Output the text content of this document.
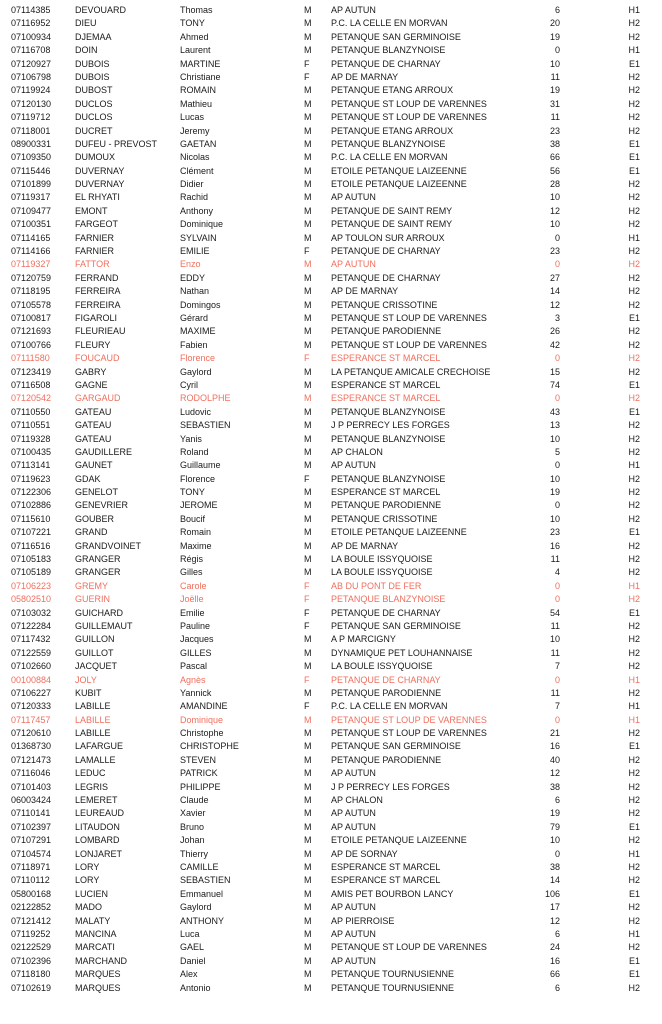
07114385	DEVOUARD	Thomas	M	AP AUTUN	6	H1
07116952	DIEU	TONY	M	P.C. LA CELLE EN MORVAN	20	H2
07100934	DJEMAA	Ahmed	M	PETANQUE SAN GERMINOISE	19	H2
07116708	DOIN	Laurent	M	PETANQUE BLANZYNOISE	0	H1
07120927	DUBOIS	MARTINE	F	PETANQUE DE CHARNAY	10	E1
07106798	DUBOIS	Christiane	F	AP DE MARNAY	11	H2
07119924	DUBOST	ROMAIN	M	PETANQUE ETANG ARROUX	19	H2
07120130	DUCLOS	Mathieu	M	PETANQUE ST LOUP DE VARENNES	31	H2
07119712	DUCLOS	Lucas	M	PETANQUE ST LOUP DE VARENNES	11	H2
07118001	DUCRET	Jeremy	M	PETANQUE ETANG ARROUX	23	H2
08900331	DUFEU - PREVOST	GAETAN	M	PETANQUE BLANZYNOISE	38	E1
07109350	DUMOUX	Nicolas	M	P.C. LA CELLE EN MORVAN	66	E1
07115446	DUVERNAY	Clément	M	ETOILE PETANQUE LAIZEENNE	56	E1
07101899	DUVERNAY	Didier	M	ETOILE PETANQUE LAIZEENNE	28	H2
07119317	EL RHYATI	Rachid	M	AP AUTUN	10	H2
07109477	EMONT	Anthony	M	PETANQUE DE SAINT REMY	12	H2
07100351	FARGEOT	Dominique	M	PETANQUE DE SAINT REMY	10	H2
07114165	FARNIER	SYLVAIN	M	AP TOULON SUR ARROUX	0	H1
07114166	FARNIER	EMILIE	F	PETANQUE DE CHARNAY	23	H2
07119327	FATTOR	Enzo	M	AP AUTUN	0	H2
07120759	FERRAND	EDDY	M	PETANQUE DE CHARNAY	27	H2
07118195	FERREIRA	Nathan	M	AP DE MARNAY	14	H2
07105578	FERREIRA	Domingos	M	PETANQUE CRISSOTINE	12	H2
07100817	FIGAROLI	Gérard	M	PETANQUE ST LOUP DE VARENNES	3	E1
07121693	FLEURIEAU	MAXIME	M	PETANQUE PARODIENNE	26	H2
07100766	FLEURY	Fabien	M	PETANQUE ST LOUP DE VARENNES	42	H2
07111580	FOUCAUD	Florence	F	ESPERANCE ST MARCEL	0	H2
07123419	GABRY	Gaylord	M	LA PETANQUE AMICALE CRECHOISE	15	H2
07116508	GAGNE	Cyril	M	ESPERANCE ST MARCEL	74	E1
07120542	GARGAUD	RODOLPHE	M	ESPERANCE ST MARCEL	0	H2
07110550	GATEAU	Ludovic	M	PETANQUE BLANZYNOISE	43	E1
07110551	GATEAU	SEBASTIEN	M	J P PERRECY LES FORGES	13	H2
07119328	GATEAU	Yanis	M	PETANQUE BLANZYNOISE	10	H2
07100435	GAUDILLERE	Roland	M	AP CHALON	5	H2
07113141	GAUNET	Guillaume	M	AP AUTUN	0	H1
07119623	GDAK	Florence	F	PETANQUE BLANZYNOISE	10	H2
07122306	GENELOT	TONY	M	ESPERANCE ST MARCEL	19	H2
07102886	GENEVRIER	JEROME	M	PETANQUE PARODIENNE	0	H2
07115610	GOUBER	Boucif	M	PETANQUE CRISSOTINE	10	H2
07107221	GRAND	Romain	M	ETOILE PETANQUE LAIZEENNE	23	E1
07116516	GRANDVOINET	Maxime	M	AP DE MARNAY	16	H2
07105183	GRANGER	Régis	M	LA BOULE ISSYQUOISE	11	H2
07105189	GRANGER	Gilles	M	LA BOULE ISSYQUOISE	4	H2
07106223	GREMY	Carole	F	AB DU PONT DE FER	0	H1
05802510	GUERIN	Joëlle	F	PETANQUE BLANZYNOISE	0	H2
07103032	GUICHARD	Emilie	F	PETANQUE DE CHARNAY	54	E1
07122284	GUILLEMAUT	Pauline	F	PETANQUE SAN GERMINOISE	11	H2
07117432	GUILLON	Jacques	M	A P MARCIGNY	10	H2
07122559	GUILLOT	GILLES	M	DYNAMIQUE PET LOUHANNAISE	11	H2
07102660	JACQUET	Pascal	M	LA BOULE ISSYQUOISE	7	H2
00100884	JOLY	Agnès	F	PETANQUE DE CHARNAY	0	H1
07106227	KUBIT	Yannick	M	PETANQUE PARODIENNE	11	H2
07120333	LABILLE	AMANDINE	F	P.C. LA CELLE EN MORVAN	7	H1
07117457	LABILLE	Dominique	M	PETANQUE ST LOUP DE VARENNES	0	H1
07120610	LABILLE	Christophe	M	PETANQUE ST LOUP DE VARENNES	21	H2
01368730	LAFARGUE	CHRISTOPHE	M	PETANQUE SAN GERMINOISE	16	E1
07121473	LAMALLE	STEVEN	M	PETANQUE PARODIENNE	40	H2
07116046	LEDUC	PATRICK	M	AP AUTUN	12	H2
07101403	LEGRIS	PHILIPPE	M	J P PERRECY LES FORGES	38	H2
06003424	LEMERET	Claude	M	AP CHALON	6	H2
07110141	LEUREAUD	Xavier	M	AP AUTUN	19	H2
07102397	LITAUDON	Bruno	M	AP AUTUN	79	E1
07107291	LOMBARD	Johan	M	ETOILE PETANQUE LAIZEENNE	10	H2
07104574	LONJARET	Thierry	M	AP DE SORNAY	0	H1
07118971	LORY	CAMILLE	M	ESPERANCE ST MARCEL	38	H2
07110112	LORY	SEBASTIEN	M	ESPERANCE ST MARCEL	14	H2
05800168	LUCIEN	Emmanuel	M	AMIS PET BOURBON LANCY	106	E1
02122852	MADO	Gaylord	M	AP AUTUN	17	H2
07121412	MALATY	ANTHONY	M	AP PIERROISE	12	H2
07119252	MANCINA	Luca	M	AP AUTUN	6	H1
02122529	MARCATI	GAEL	M	PETANQUE ST LOUP DE VARENNES	24	H2
07102396	MARCHAND	Daniel	M	AP AUTUN	16	E1
07118180	MARQUES	Alex	M	PETANQUE TOURNUSIENNE	66	E1
07102619	MARQUES	Antonio	M	PETANQUE TOURNUSIENNE	6	H2
